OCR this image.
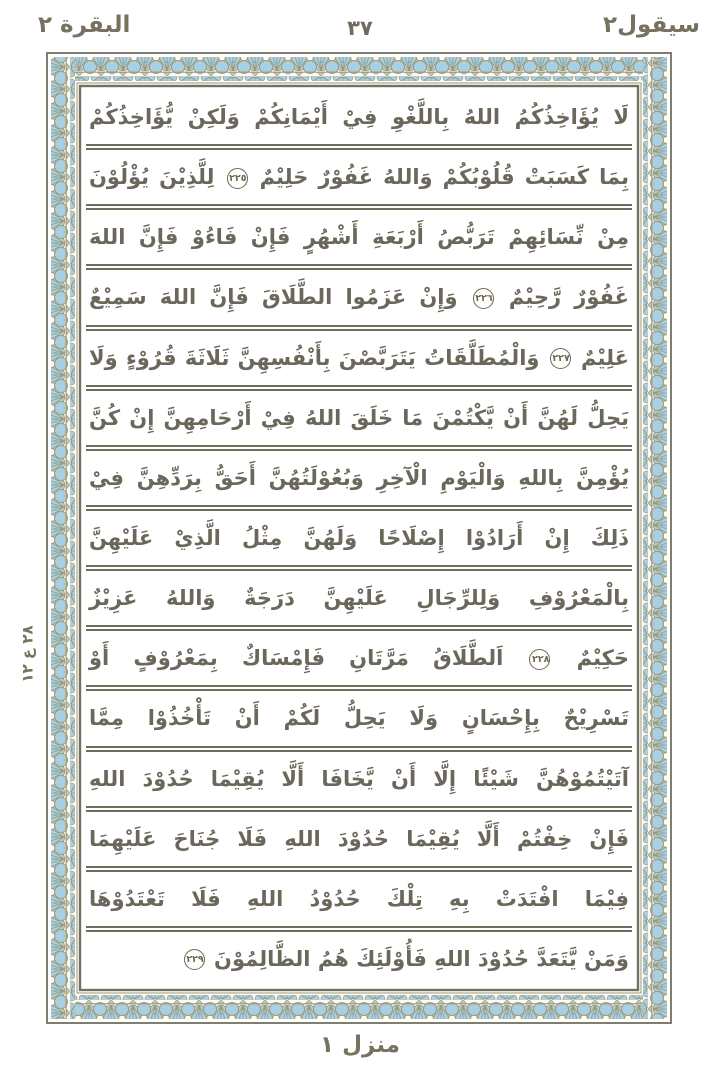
سيقول٢
٣٧
البقرة ٢
لَا يُؤَاخِذُكُمُ اللهُ بِاللَّغْوِ فِيْ أَيْمَانِكُمْ وَلَكِنْ يُّؤَاخِذُكُمْ
بِمَا كَسَبَتْ قُلُوْبُكُمْ وَاللهُ غَفُوْرٌ حَلِيْمٌ ٢٢٥ لِلَّذِيْنَ يُؤْلُوْنَ
مِنْ نِّسَائِهِمْ تَرَبُّصُ أَرْبَعَةِ أَشْهُرٍ فَإِنْ فَاءُوْ فَإِنَّ اللهَ
غَفُوْرٌ رَّحِيْمٌ ٢٢٦ وَإِنْ عَزَمُوا الطَّلَاقَ فَإِنَّ اللهَ سَمِيْعٌ
عَلِيْمٌ ٢٢٧ وَالْمُطَلَّقَاتُ يَتَرَبَّصْنَ بِأَنْفُسِهِنَّ ثَلَاثَةَ قُرُوْءٍ وَلَا
يَحِلُّ لَهُنَّ أَنْ يَّكْتُمْنَ مَا خَلَقَ اللهُ فِيْ أَرْحَامِهِنَّ إِنْ كُنَّ
يُؤْمِنَّ بِاللهِ وَالْيَوْمِ الْآخِرِ وَبُعُوْلَتُهُنَّ أَحَقُّ بِرَدِّهِنَّ فِيْ
ذَلِكَ إِنْ أَرَادُوْا إِصْلَاحًا وَلَهُنَّ مِثْلُ الَّذِيْ عَلَيْهِنَّ
بِالْمَعْرُوْفِ وَلِلرِّجَالِ عَلَيْهِنَّ دَرَجَةٌ وَاللهُ عَزِيْزٌ
حَكِيْمٌ ٢٢٨ اَلطَّلَاقُ مَرَّتَانِ فَإِمْسَاكٌ بِمَعْرُوْفٍ أَوْ
تَسْرِيْحٌ بِإِحْسَانٍ وَلَا يَحِلُّ لَكُمْ أَنْ تَأْخُذُوْا مِمَّا
آتَيْتُمُوْهُنَّ شَيْئًا إِلَّا أَنْ يَّخَافَا أَلَّا يُقِيْمَا حُدُوْدَ اللهِ
فَإِنْ خِفْتُمْ أَلَّا يُقِيْمَا حُدُوْدَ اللهِ فَلَا جُنَاحَ عَلَيْهِمَا
فِيْمَا افْتَدَتْ بِهِ تِلْكَ حُدُوْدُ اللهِ فَلَا تَعْتَدُوْهَا
وَمَنْ يَّتَعَدَّ حُدُوْدَ اللهِ فَأُوْلَئِكَ هُمُ الظَّالِمُوْنَ ٢٢٩
٢٨ ع ١٢
منزل ١
